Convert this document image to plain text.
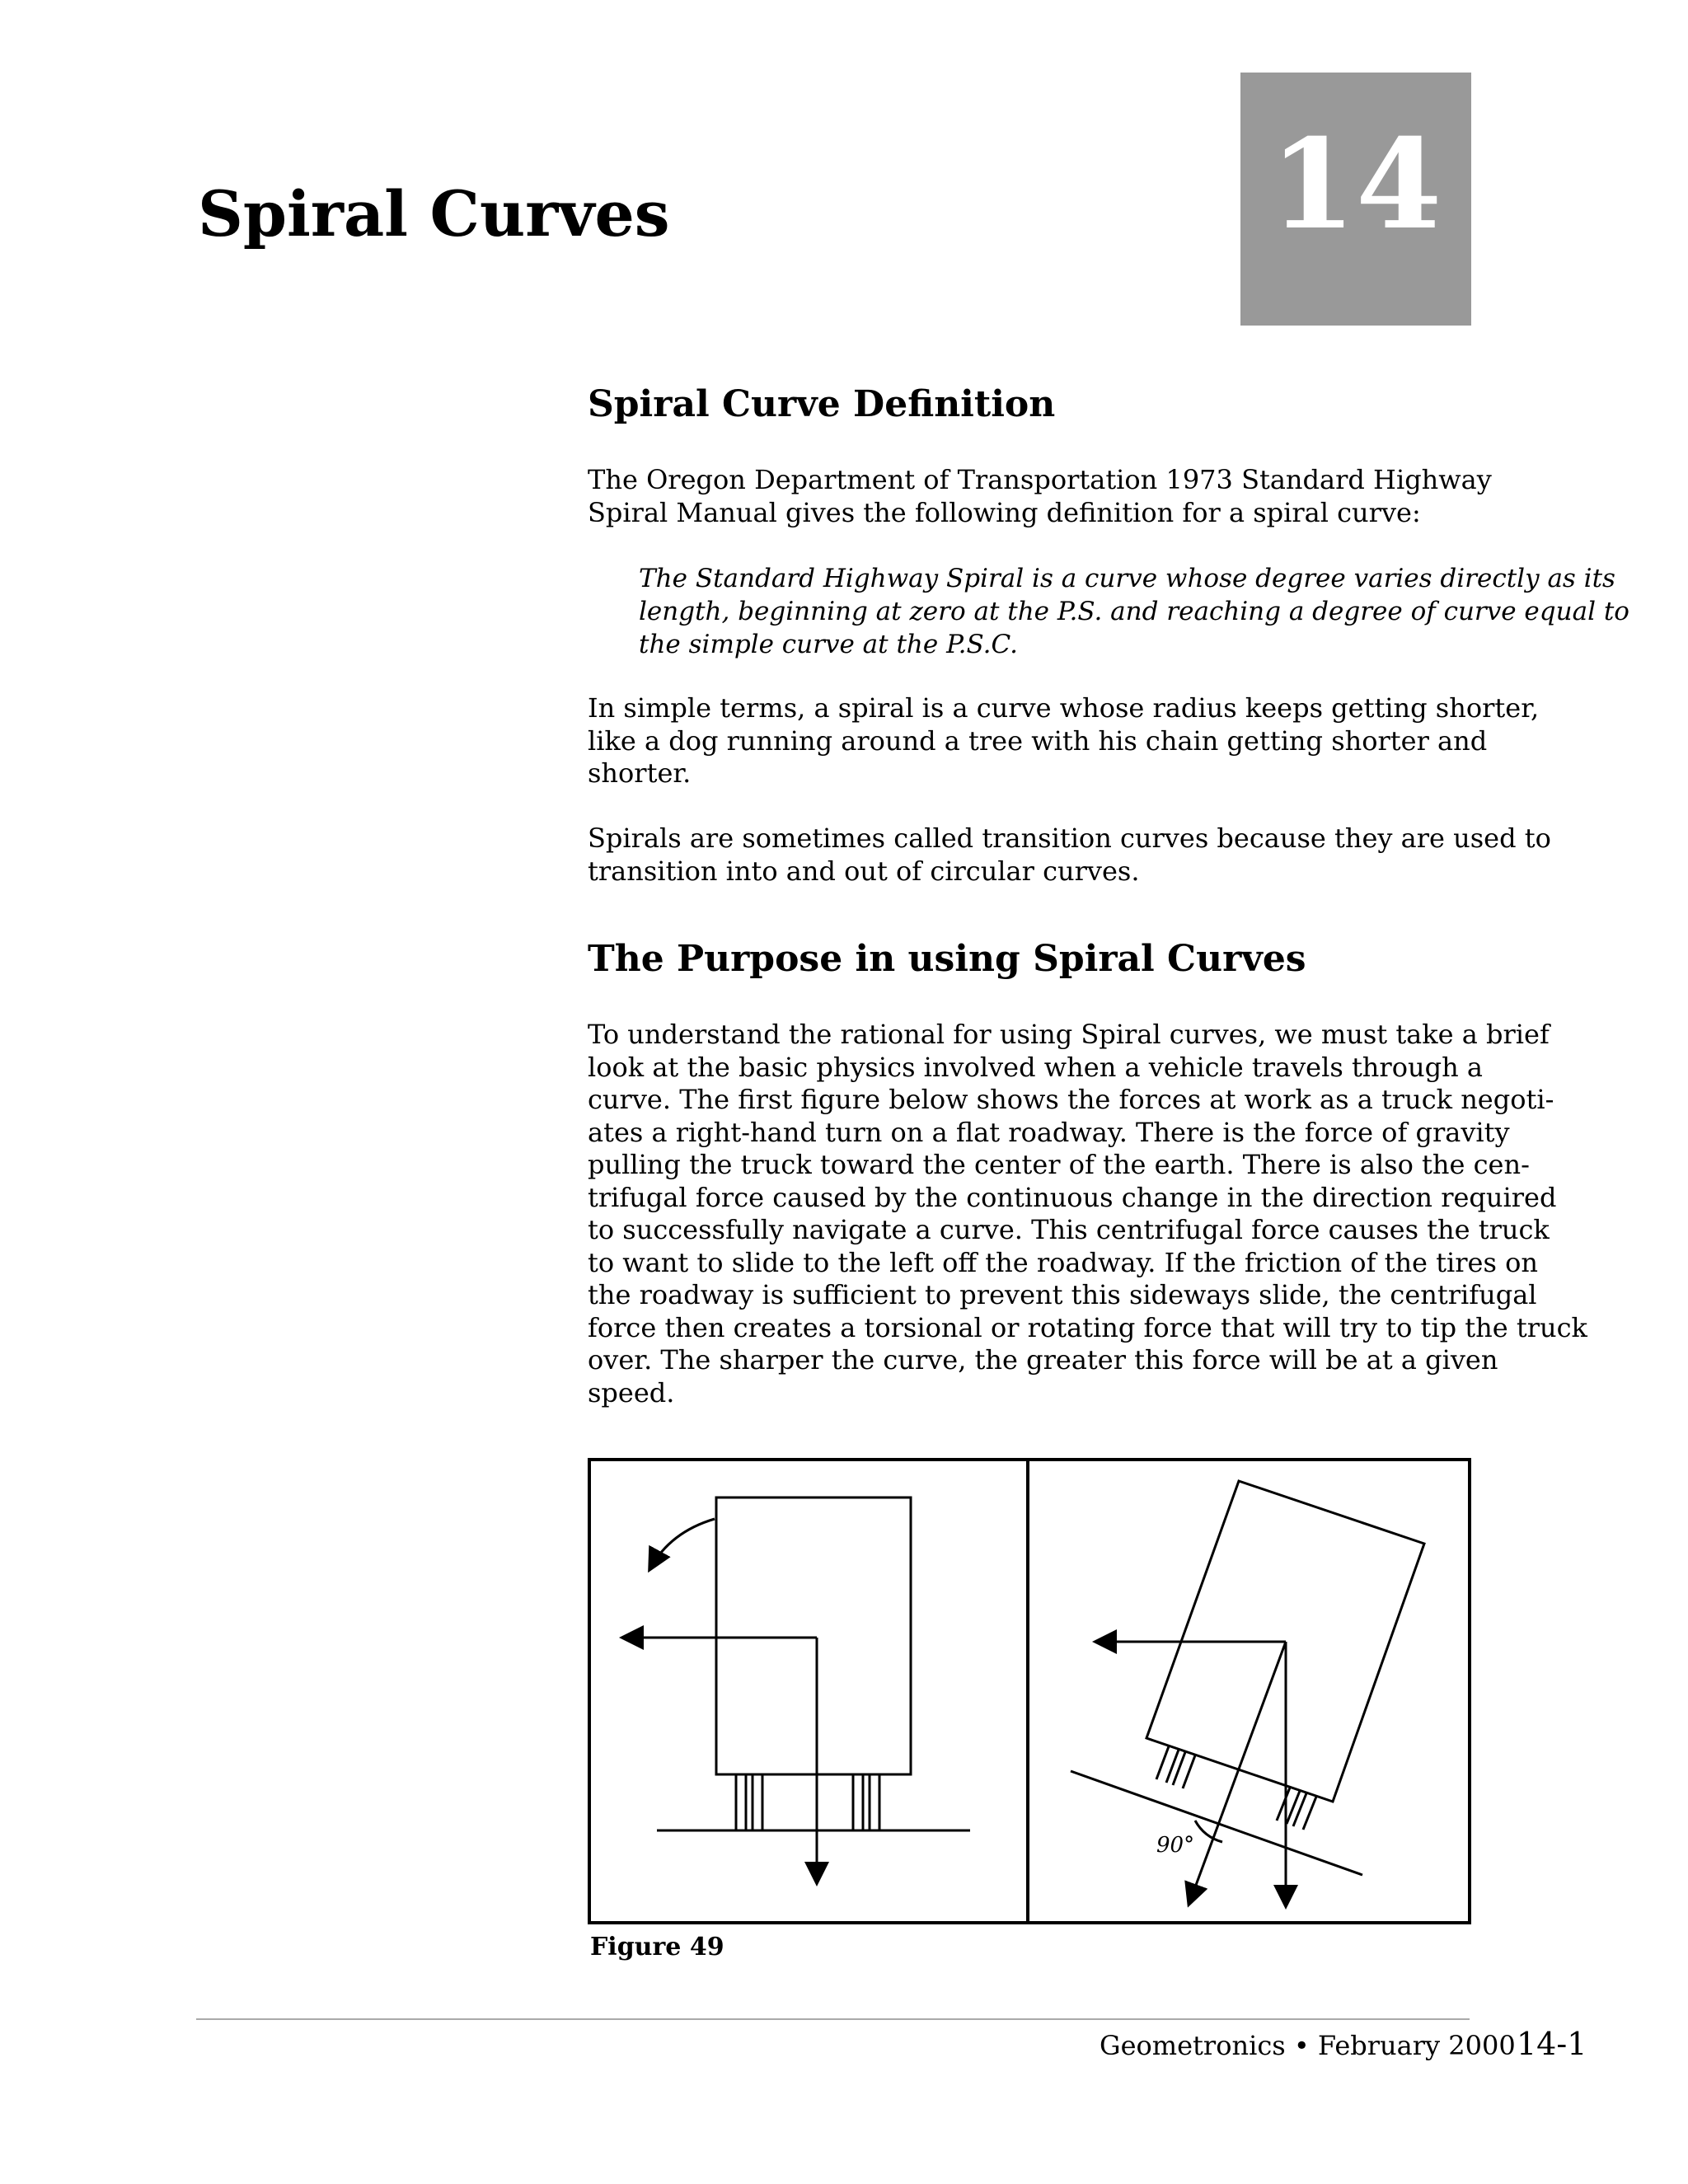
Spiral Curves	14
Spiral Curve Definition

The Oregon Department of Transportation 1973 Standard Highway
Spiral Manual gives the following definition for a spiral curve:

The Standard Highway Spiral is a curve whose degree varies directly as its
length, beginning at zero at the P.S. and reaching a degree of curve equal to
the simple curve at the P.S.C.

In simple terms, a spiral is a curve whose radius keeps getting shorter,
like a dog running around a tree with his chain getting shorter and
shorter.

Spirals are sometimes called transition curves because they are used to
transition into and out of circular curves.

The Purpose in using Spiral Curves

To understand the rational for using Spiral curves, we must take a brief
look at the basic physics involved when a vehicle travels through a
curve. The first figure below shows the forces at work as a truck negoti-
ates a right-hand turn on a flat roadway. There is the force of gravity
pulling the truck toward the center of the earth. There is also the cen-
trifugal force caused by the continuous change in the direction required
to successfully navigate a curve. This centrifugal force causes the truck
to want to slide to the left off the roadway. If the friction of the tires on
the roadway is sufficient to prevent this sideways slide, the centrifugal
force then creates a torsional or rotating force that will try to tip the truck
over. The sharper the curve, the greater this force will be at a given
speed.

90°

Figure 49

Geometronics • February 2000 14-1
